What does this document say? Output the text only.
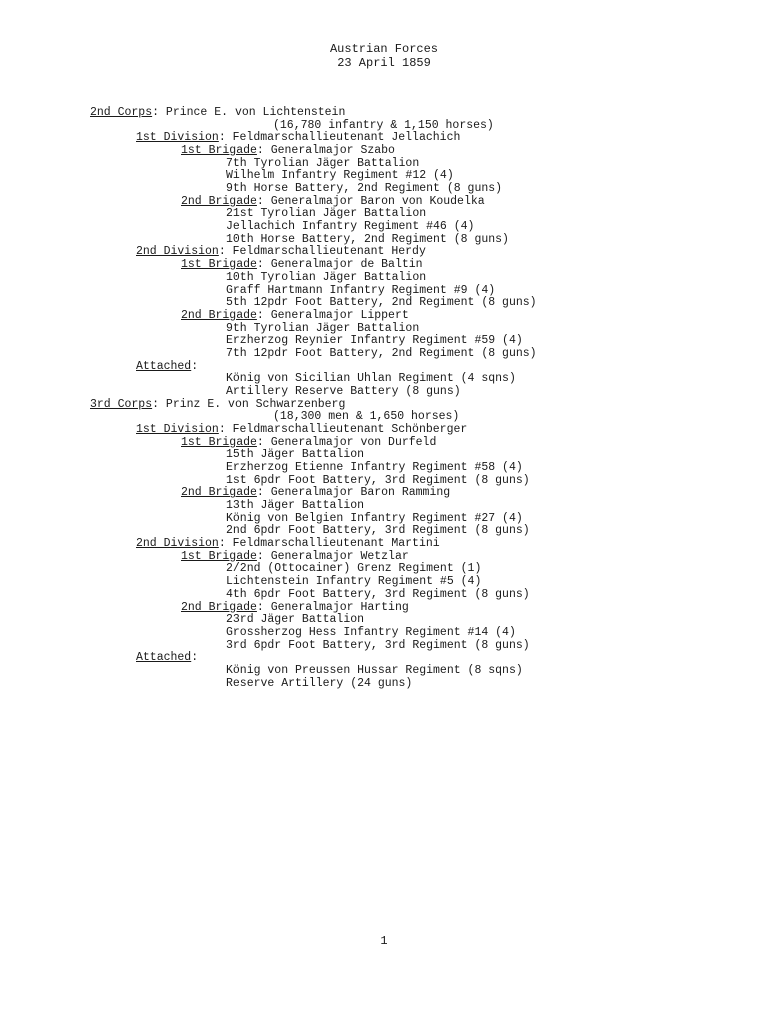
Austrian Forces
23 April 1859
2nd Corps: Prince E. von Lichtenstein
(16,780 infantry & 1,150 horses)
1st Division: Feldmarschallieutenant Jellachich
1st Brigade: Generalmajor Szabo
7th Tyrolian Jäger Battalion
Wilhelm Infantry Regiment #12 (4)
9th Horse Battery, 2nd Regiment (8 guns)
2nd Brigade: Generalmajor Baron von Koudelka
21st Tyrolian Jäger Battalion
Jellachich Infantry Regiment #46 (4)
10th Horse Battery, 2nd Regiment (8 guns)
2nd Division: Feldmarschallieutenant Herdy
1st Brigade: Generalmajor de Baltin
10th Tyrolian Jäger Battalion
Graff Hartmann Infantry Regiment #9 (4)
5th 12pdr Foot Battery, 2nd Regiment (8 guns)
2nd Brigade: Generalmajor Lippert
9th Tyrolian Jäger Battalion
Erzherzog Reynier Infantry Regiment #59 (4)
7th 12pdr Foot Battery, 2nd Regiment (8 guns)
Attached:
König von Sicilian Uhlan Regiment (4 sqns)
Artillery Reserve Battery (8 guns)
3rd Corps: Prinz E. von Schwarzenberg
(18,300 men & 1,650 horses)
1st Division: Feldmarschallieutenant Schönberger
1st Brigade: Generalmajor von Durfeld
15th Jäger Battalion
Erzherzog Etienne Infantry Regiment #58 (4)
1st 6pdr Foot Battery, 3rd Regiment (8 guns)
2nd Brigade: Generalmajor Baron Ramming
13th Jäger Battalion
König von Belgien Infantry Regiment #27 (4)
2nd 6pdr Foot Battery, 3rd Regiment (8 guns)
2nd Division: Feldmarschallieutenant Martini
1st Brigade: Generalmajor Wetzlar
2/2nd (Ottocainer) Grenz Regiment (1)
Lichtenstein Infantry Regiment #5 (4)
4th 6pdr Foot Battery, 3rd Regiment (8 guns)
2nd Brigade: Generalmajor Harting
23rd Jäger Battalion
Grossherzog Hess Infantry Regiment #14 (4)
3rd 6pdr Foot Battery, 3rd Regiment (8 guns)
Attached:
König von Preussen Hussar Regiment (8 sqns)
Reserve Artillery (24 guns)
1
